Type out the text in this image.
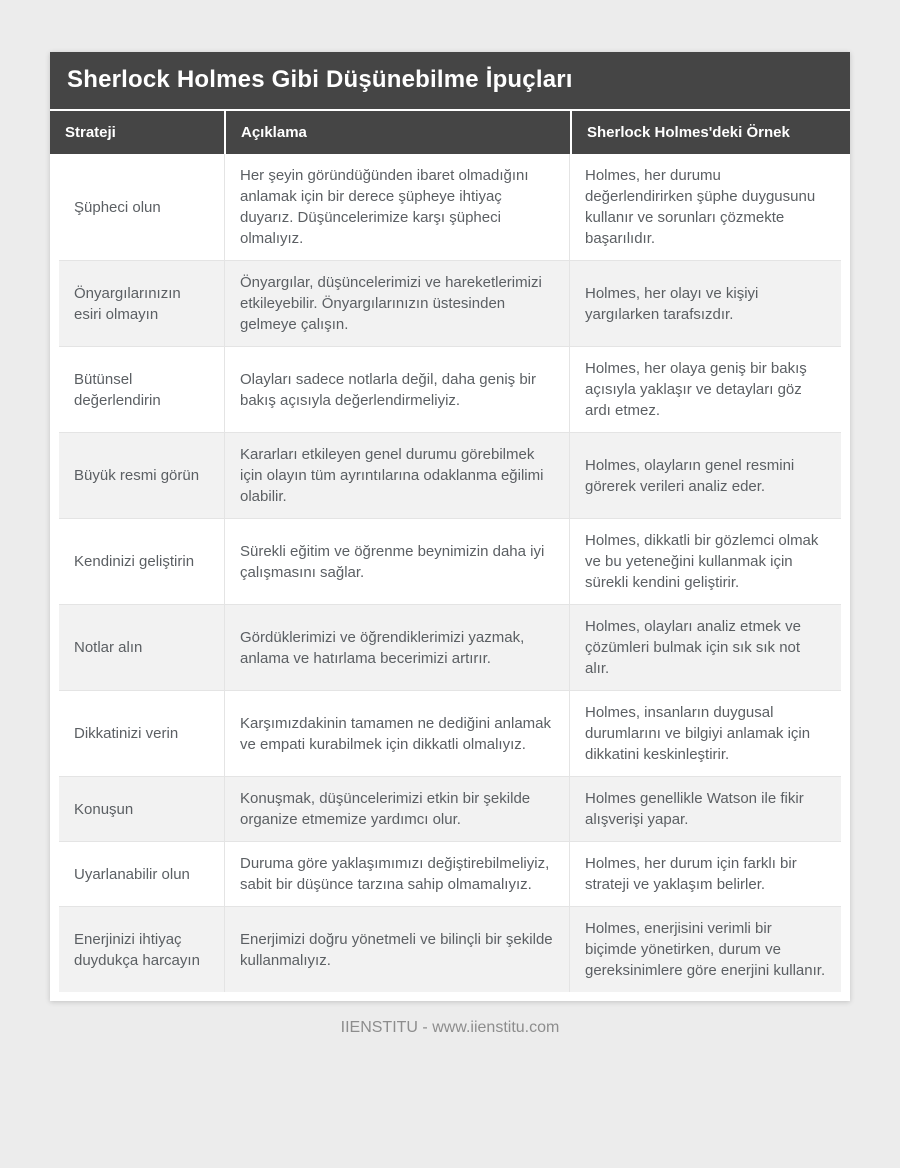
Sherlock Holmes Gibi Düşünebilme İpuçları
Strateji	Açıklama	Sherlock Holmes'deki Örnek
Şüpheci olun
Her şeyin göründüğünden ibaret olmadığını anlamak için bir derece şüpheye ihtiyaç duyarız. Düşüncelerimize karşı şüpheci olmalıyız.
Holmes, her durumu değerlendirirken şüphe duygusunu kullanır ve sorunları çözmekte başarılıdır.
Önyargılarınızın esiri olmayın
Önyargılar, düşüncelerimizi ve hareketlerimizi etkileyebilir. Önyargılarınızın üstesinden gelmeye çalışın.
Holmes, her olayı ve kişiyi yargılarken tarafsızdır.
Bütünsel değerlendirin
Olayları sadece notlarla değil, daha geniş bir bakış açısıyla değerlendirmeliyiz.
Holmes, her olaya geniş bir bakış açısıyla yaklaşır ve detayları göz ardı etmez.
Büyük resmi görün
Kararları etkileyen genel durumu görebilmek için olayın tüm ayrıntılarına odaklanma eğilimi olabilir.
Holmes, olayların genel resmini görerek verileri analiz eder.
Kendinizi geliştirin
Sürekli eğitim ve öğrenme beynimizin daha iyi çalışmasını sağlar.
Holmes, dikkatli bir gözlemci olmak ve bu yeteneğini kullanmak için sürekli kendini geliştirir.
Notlar alın
Gördüklerimizi ve öğrendiklerimizi yazmak, anlama ve hatırlama becerimizi artırır.
Holmes, olayları analiz etmek ve çözümleri bulmak için sık sık not alır.
Dikkatinizi verin
Karşımızdakinin tamamen ne dediğini anlamak ve empati kurabilmek için dikkatli olmalıyız.
Holmes, insanların duygusal durumlarını ve bilgiyi anlamak için dikkatini keskinleştirir.
Konuşun
Konuşmak, düşüncelerimizi etkin bir şekilde organize etmemize yardımcı olur.
Holmes genellikle Watson ile fikir alışverişi yapar.
Uyarlanabilir olun
Duruma göre yaklaşımımızı değiştirebilmeliyiz, sabit bir düşünce tarzına sahip olmamalıyız.
Holmes, her durum için farklı bir strateji ve yaklaşım belirler.
Enerjinizi ihtiyaç duydukça harcayın
Enerjimizi doğru yönetmeli ve bilinçli bir şekilde kullanmalıyız.
Holmes, enerjisini verimli bir biçimde yönetirken, durum ve gereksinimlere göre enerjini kullanır.
IIENSTITU - www.iienstitu.com
